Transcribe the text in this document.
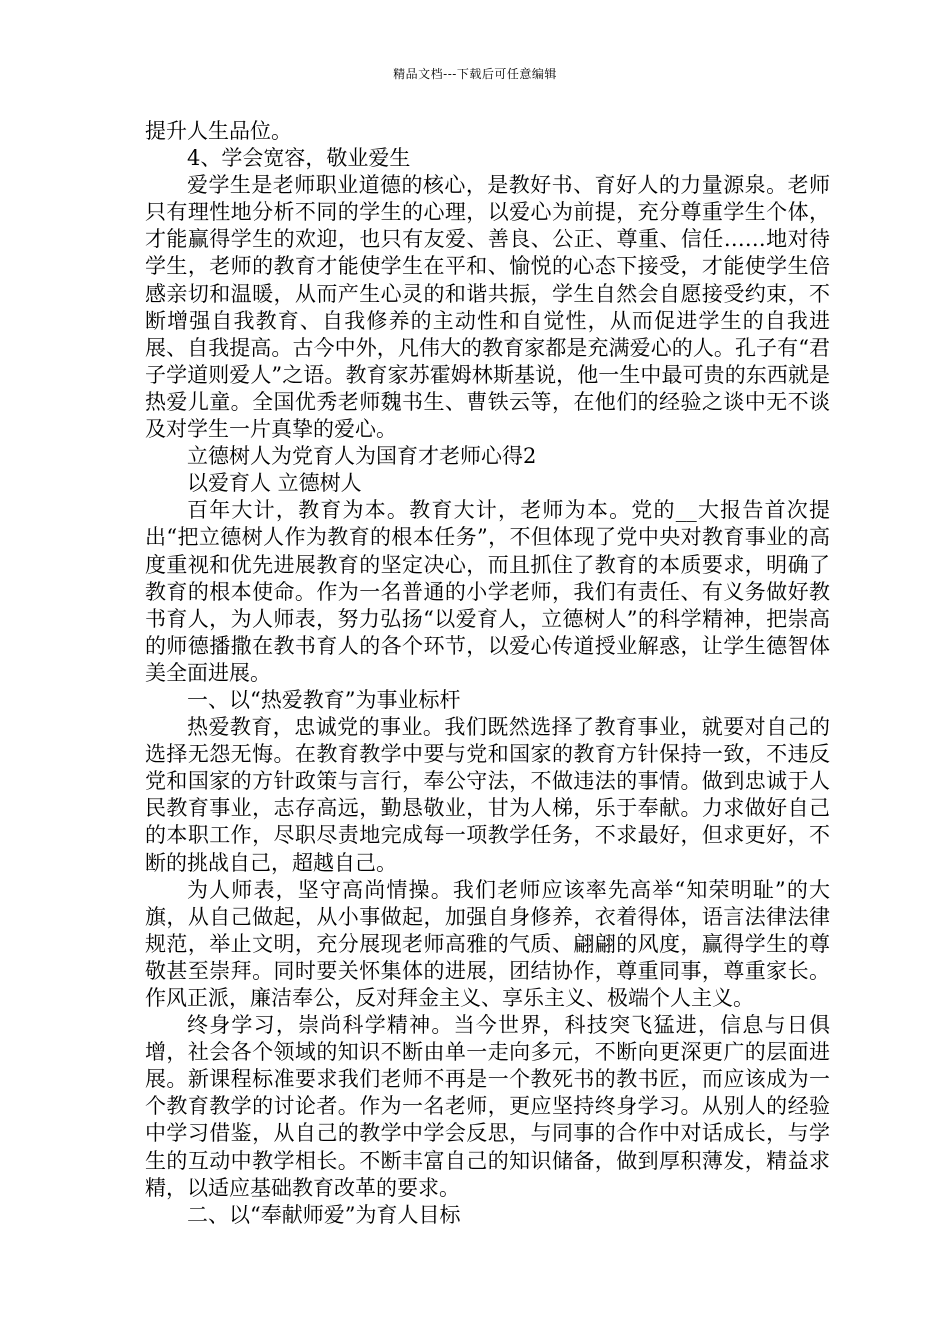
精品文档---下载后可任意编辑

提升人生品位。

4、学会宽容，敬业爱生

爱学生是老师职业道德的核心，是教好书、育好人的力量源泉。老师只有理性地分析不同的学生的心理，以爱心为前提，充分尊重学生个体，才能赢得学生的欢迎，也只有友爱、善良、公正、尊重、信任……地对待学生，老师的教育才能使学生在平和、愉悦的心态下接受，才能使学生倍感亲切和温暖，从而产生心灵的和谐共振，学生自然会自愿接受约束，不断增强自我教育、自我修养的主动性和自觉性，从而促进学生的自我进展、自我提高。古今中外，凡伟大的教育家都是充满爱心的人。孔子有“君子学道则爱人”之语。教育家苏霍姆林斯基说，他一生中最可贵的东西就是热爱儿童。全国优秀老师魏书生、曹铁云等，在他们的经验之谈中无不谈及对学生一片真挚的爱心。

立德树人为党育人为国育才老师心得2

以爱育人 立德树人

百年大计，教育为本。教育大计，老师为本。党的__大报告首次提出“把立德树人作为教育的根本任务”，不但体现了党中央对教育事业的高度重视和优先进展教育的坚定决心，而且抓住了教育的本质要求，明确了教育的根本使命。作为一名普通的小学老师，我们有责任、有义务做好教书育人，为人师表，努力弘扬“以爱育人，立德树人”的科学精神，把崇高的师德播撒在教书育人的各个环节，以爱心传道授业解惑，让学生德智体美全面进展。

一、以“热爱教育”为事业标杆

热爱教育，忠诚党的事业。我们既然选择了教育事业，就要对自己的选择无怨无悔。在教育教学中要与党和国家的教育方针保持一致，不违反党和国家的方针政策与言行，奉公守法，不做违法的事情。做到忠诚于人民教育事业，志存高远，勤恳敬业，甘为人梯，乐于奉献。力求做好自己的本职工作，尽职尽责地完成每一项教学任务，不求最好，但求更好，不断的挑战自己，超越自己。

为人师表，坚守高尚情操。我们老师应该率先高举“知荣明耻”的大旗，从自己做起，从小事做起，加强自身修养，衣着得体，语言法律法律规范，举止文明，充分展现老师高雅的气质、翩翩的风度，赢得学生的尊敬甚至崇拜。同时要关怀集体的进展，团结协作，尊重同事，尊重家长。作风正派，廉洁奉公，反对拜金主义、享乐主义、极端个人主义。

终身学习，崇尚科学精神。当今世界，科技突飞猛进，信息与日俱增，社会各个领域的知识不断由单一走向多元，不断向更深更广的层面进展。新课程标准要求我们老师不再是一个教死书的教书匠，而应该成为一个教育教学的讨论者。作为一名老师，更应坚持终身学习。从别人的经验中学习借鉴，从自己的教学中学会反思，与同事的合作中对话成长，与学生的互动中教学相长。不断丰富自己的知识储备，做到厚积薄发，精益求精，以适应基础教育改革的要求。

二、以“奉献师爱”为育人目标
